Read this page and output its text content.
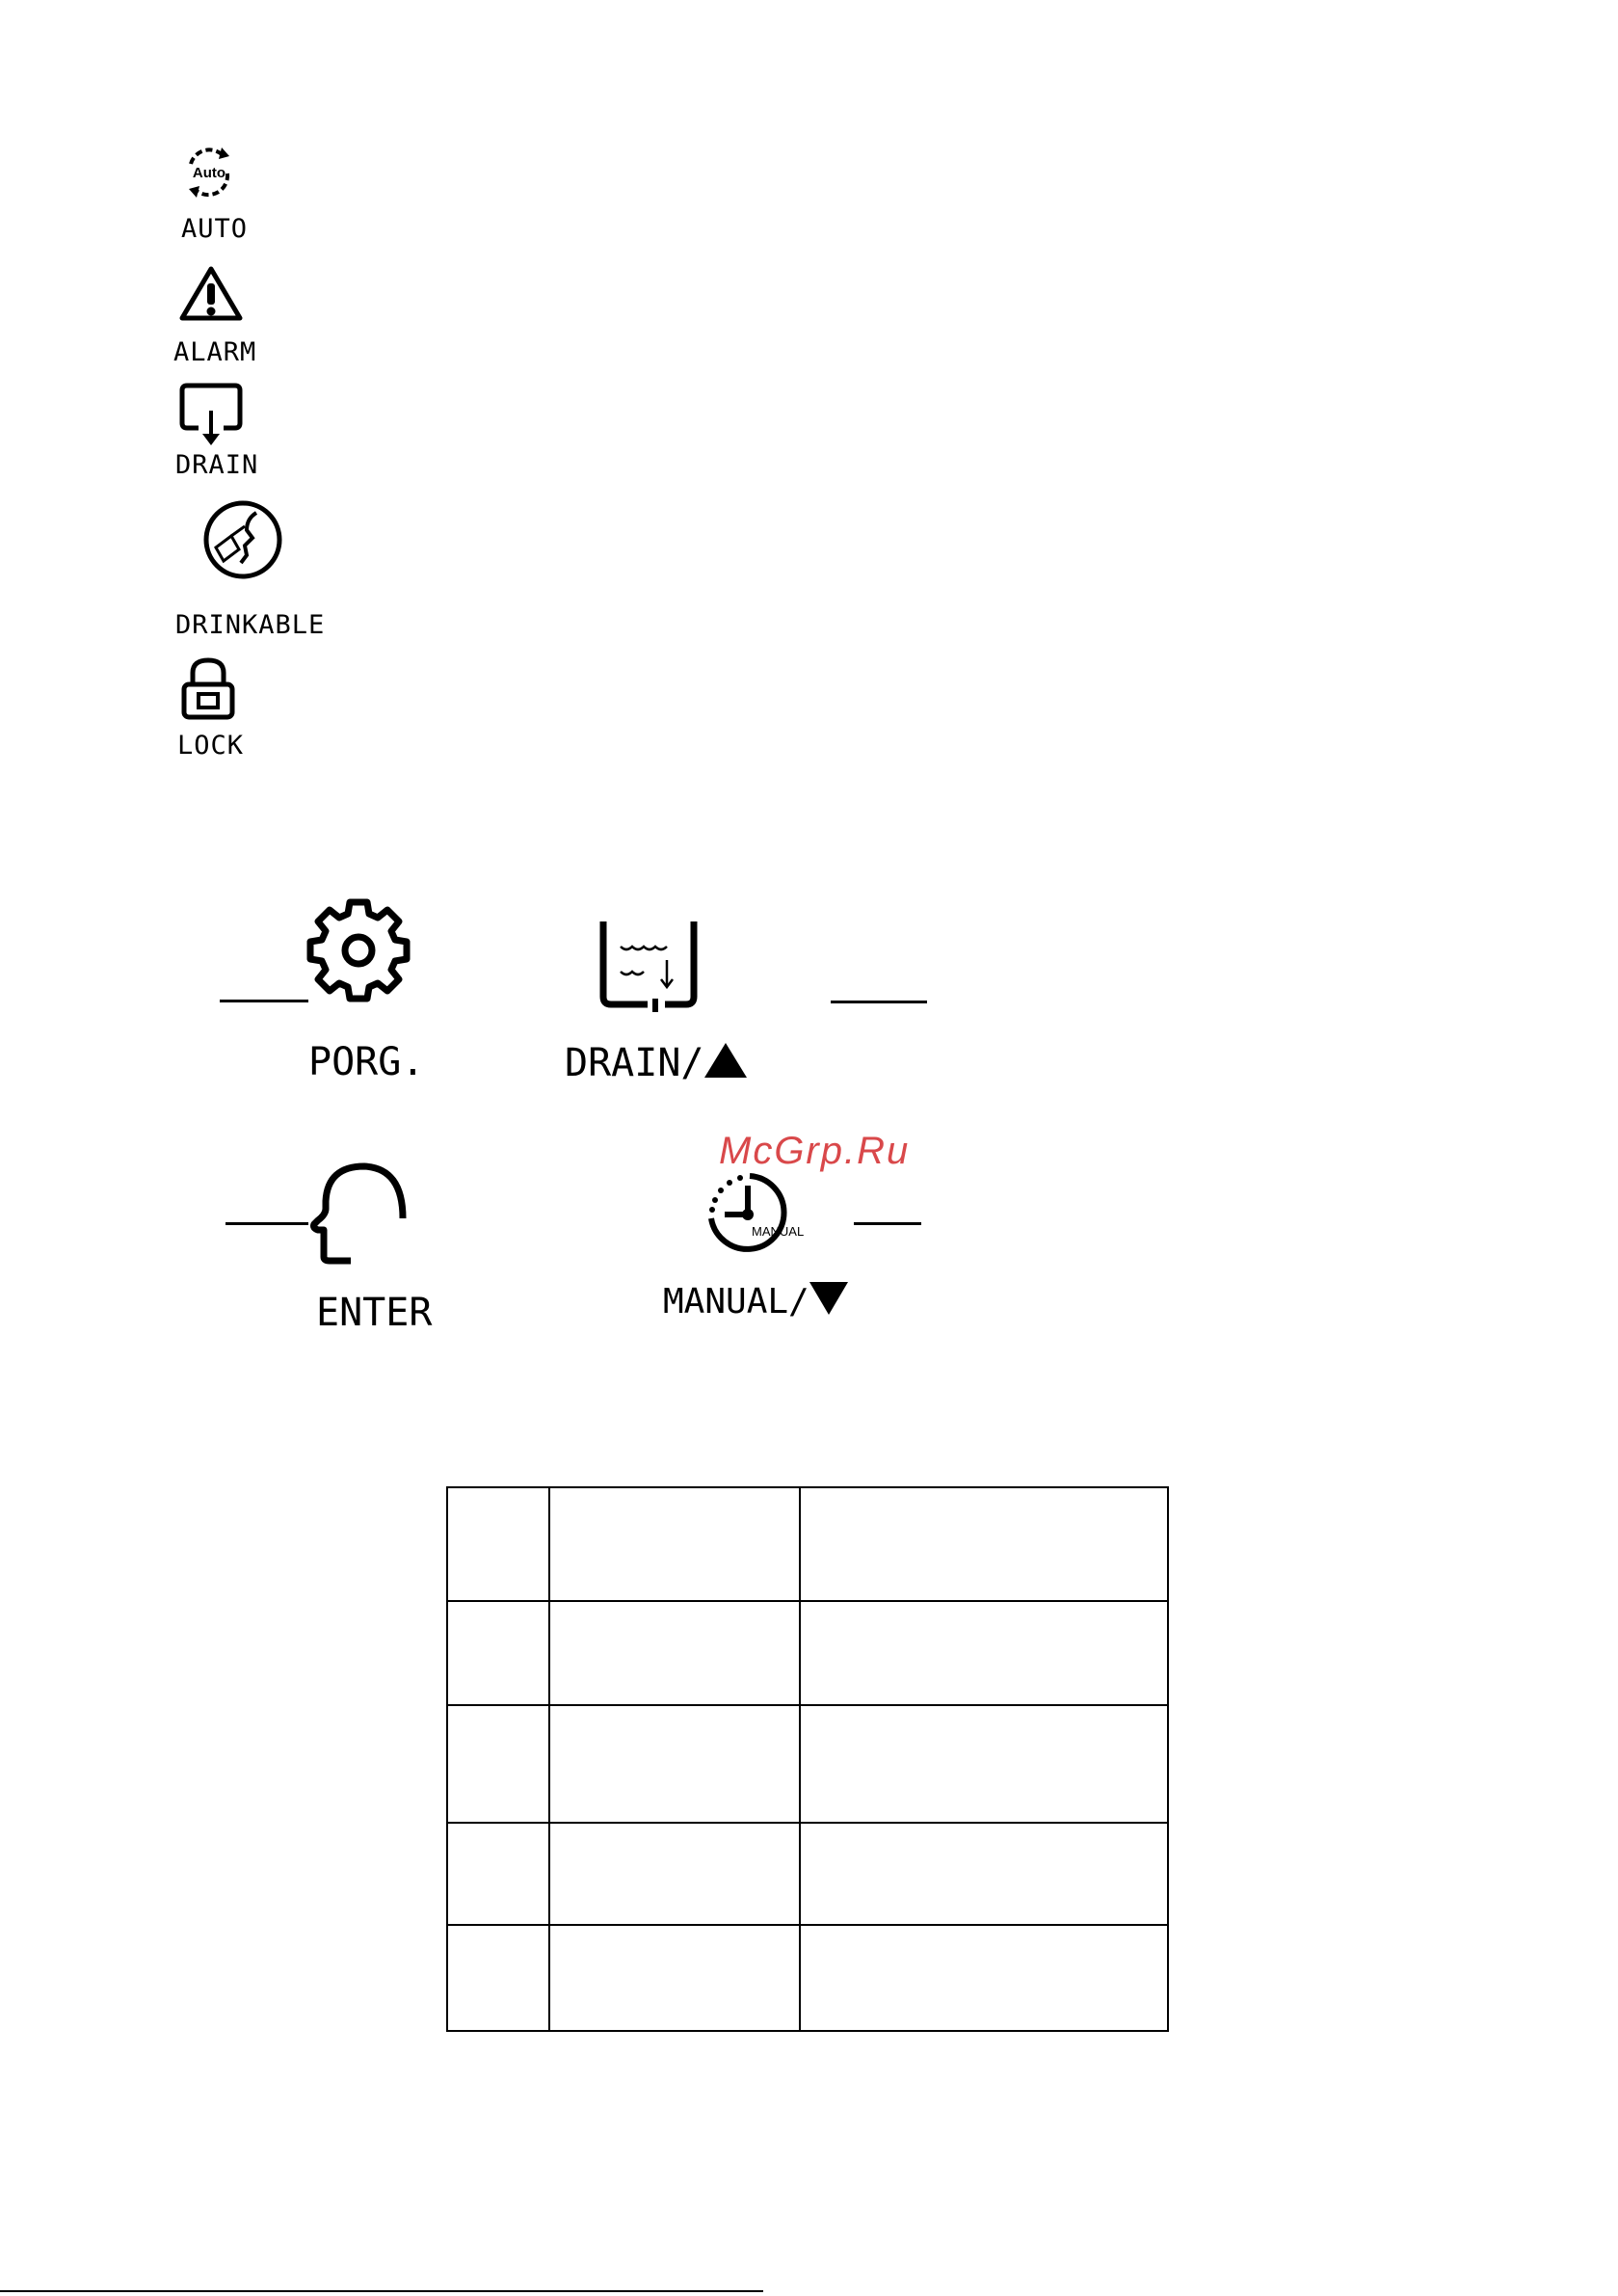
Auto
AUTO
ALARM
DRAIN
DRINKABLE
LOCK
PORG.	DRAIN/
ENTER
McGrp.Ru
MANUAL
MANUAL/
